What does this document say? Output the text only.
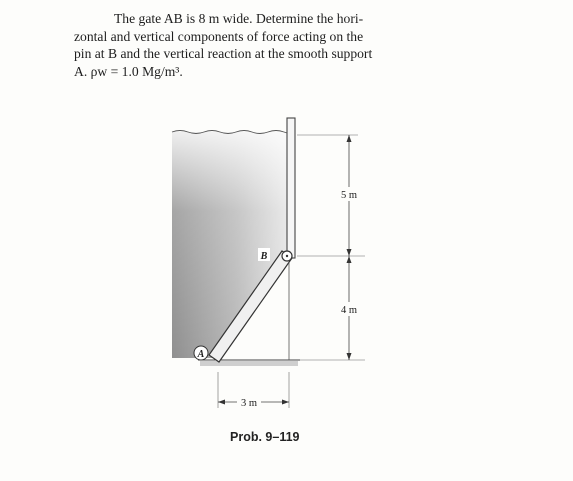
The gate AB is 8 m wide. Determine the hori-
zontal and vertical components of force acting on the
pin at B and the vertical reaction at the smooth support
A. ρw = 1.0 Mg/m³.
B
A
5 m
4 m
3 m
Prob. 9–119
